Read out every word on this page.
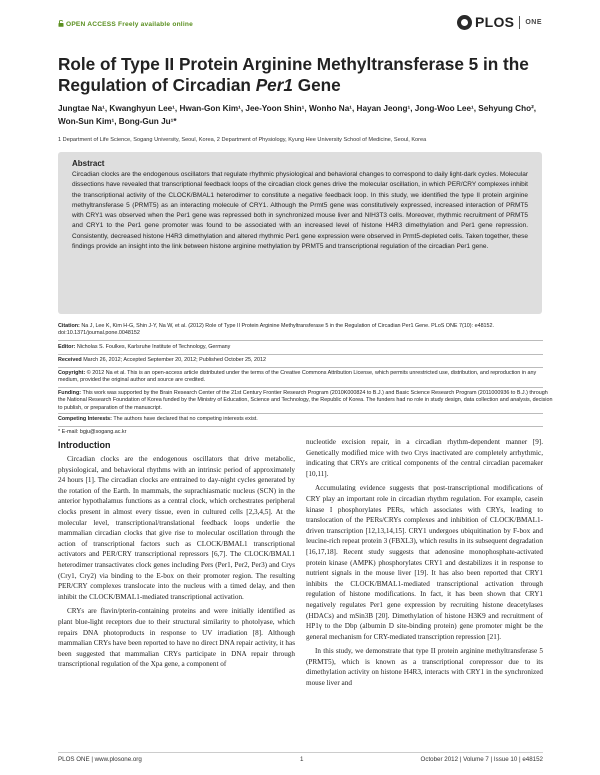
OPEN ACCESS Freely available online	PLOS ONE
Role of Type II Protein Arginine Methyltransferase 5 in the Regulation of Circadian Per1 Gene
Jungtae Na¹, Kwanghyun Lee¹, Hwan-Gon Kim¹, Jee-Yoon Shin¹, Wonho Na¹, Hayan Jeong¹, Jong-Woo Lee¹, Sehyung Cho², Won-Sun Kim¹, Bong-Gun Ju¹*
1 Department of Life Science, Sogang University, Seoul, Korea, 2 Department of Physiology, Kyung Hee University School of Medicine, Seoul, Korea
Abstract

Circadian clocks are the endogenous oscillators that regulate rhythmic physiological and behavioral changes to correspond to daily light-dark cycles. Molecular dissections have revealed that transcriptional feedback loops of the circadian clock genes drive the molecular oscillation, in which PER/CRY complexes inhibit the transcriptional activity of the CLOCK/BMAL1 heterodimer to constitute a negative feedback loop. In this study, we identified the type II protein arginine methyltransferase 5 (PRMT5) as an interacting molecule of CRY1. Although the Prmt5 gene was constitutively expressed, increased interaction of PRMT5 with CRY1 was observed when the Per1 gene was repressed both in synchronized mouse liver and NIH3T3 cells. Moreover, rhythmic recruitment of PRMT5 and CRY1 to the Per1 gene promoter was found to be associated with an increased level of histone H4R3 dimethylation and Per1 gene repression. Consistently, decreased histone H4R3 dimethylation and altered rhythmic Per1 gene expression were observed in Prmt5-depleted cells. Taken together, these findings provide an insight into the link between histone arginine methylation by PRMT5 and transcriptional regulation of the circadian Per1 gene.

Citation: Na J, Lee K, Kim H-G, Shin J-Y, Na W, et al. (2012) Role of Type II Protein Arginine Methyltransferase 5 in the Regulation of Circadian Per1 Gene. PLoS ONE 7(10): e48152. doi:10.1371/journal.pone.0048152
Editor: Nicholas S. Foulkes, Karlsruhe Institute of Technology, Germany
Received March 26, 2012; Accepted September 20, 2012; Published October 25, 2012
Copyright: © 2012 Na et al. This is an open-access article distributed under the terms of the Creative Commons Attribution License, which permits unrestricted use, distribution, and reproduction in any medium, provided the original author and source are credited.
Funding: This work was supported by the Brain Research Center of the 21st Century Frontier Research Program (2010K000824 to B.J.) and Basic Science Research Program (2011000936 to B.J.) through the National Research Foundation of Korea funded by the Ministry of Education, Science and Technology, the Republic of Korea. The funders had no role in study design, data collection and analysis, decision to publish, or preparation of the manuscript.
Competing Interests: The authors have declared that no competing interests exist.
* E-mail: bgju@sogang.ac.kr
Introduction

Circadian clocks are the endogenous oscillators that drive metabolic, physiological, and behavioral rhythms with an intrinsic period of approximately 24 hours [1]. The circadian clocks are entrained to day-night cycles generated by the rotation of the Earth. In mammals, the suprachiasmatic nucleus (SCN) in the anterior hypothalamus functions as a central clock, which orchestrates peripheral clocks present in almost every tissue, even in cultured cells [2,3,4,5]. At the molecular level, transcriptional/translational feedback loops underlie the mammalian circadian clocks that give rise to molecular oscillation through the action of transcriptional factors such as CLOCK/BMAL1 transcriptional activators and PER/CRY transcriptional repressors [6,7]. The CLOCK/BMAL1 heterodimer transactivates clock genes including Pers (Per1, Per2, Per3) and Crys (Cry1, Cry2) via binding to the E-box on their promoter region. The resulting PER/CRY complexes translocate into the nucleus with a timed delay, and then inhibit the CLOCK/BMAL1-mediated transcriptional activation.

CRYs are flavin/pterin-containing proteins and were initially identified as plant blue-light receptors due to their structural similarity to photolyase, which repairs DNA photoproducts in response to UV irradiation [8]. Although mammalian CRYs have been reported to have no direct DNA repair activity, it has been suggested that mammalian CRYs participate in DNA repair through transcriptional regulation of the Xpa gene, a component of

nucleotide excision repair, in a circadian rhythm-dependent manner [9]. Genetically modified mice with two Crys inactivated are completely arrhythmic, indicating that CRYs are critical components of the central circadian pacemaker [10,11].

Accumulating evidence suggests that post-transcriptional modifications of CRY play an important role in circadian rhythm regulation. For example, casein kinase I phosphorylates PERs, which associates with CRYs, leading to translocation of the PERs/CRYs complexes and inhibition of CLOCK/BMAL1-driven transcription [12,13,14,15]. CRY1 undergoes ubiquitination by F-box and leucine-rich repeat protein 3 (FBXL3), which results in its subsequent degradation [16,17,18]. Recent study suggests that adenosine monophosphate-activated protein kinase (AMPK) phosphorylates CRY1 and destabilizes it in response to nutrient signals in the mouse liver [19]. It has also been reported that CRY1 inhibits the CLOCK/BMAL1-mediated transcriptional activation through regulation of histone modifications. In fact, it has been shown that CRY1 negatively regulates Per1 gene expression by recruiting histone deacetylases (HDACs) and mSin3B [20]. Dimethylation of histone H3K9 and recruitment of HP1γ to the Dbp (albumin D site-binding protein) gene promoter might be the general mechanism for CRY-mediated transcription repression [21].

In this study, we demonstrate that type II protein arginine methyltransferase 5 (PRMT5), which is known as a transcriptional corepressor due to its dimethylation activity on histone H4R3, interacts with CRY1 in the synchronized mouse liver and

PLOS ONE | www.plosone.org	1	October 2012 | Volume 7 | Issue 10 | e48152
